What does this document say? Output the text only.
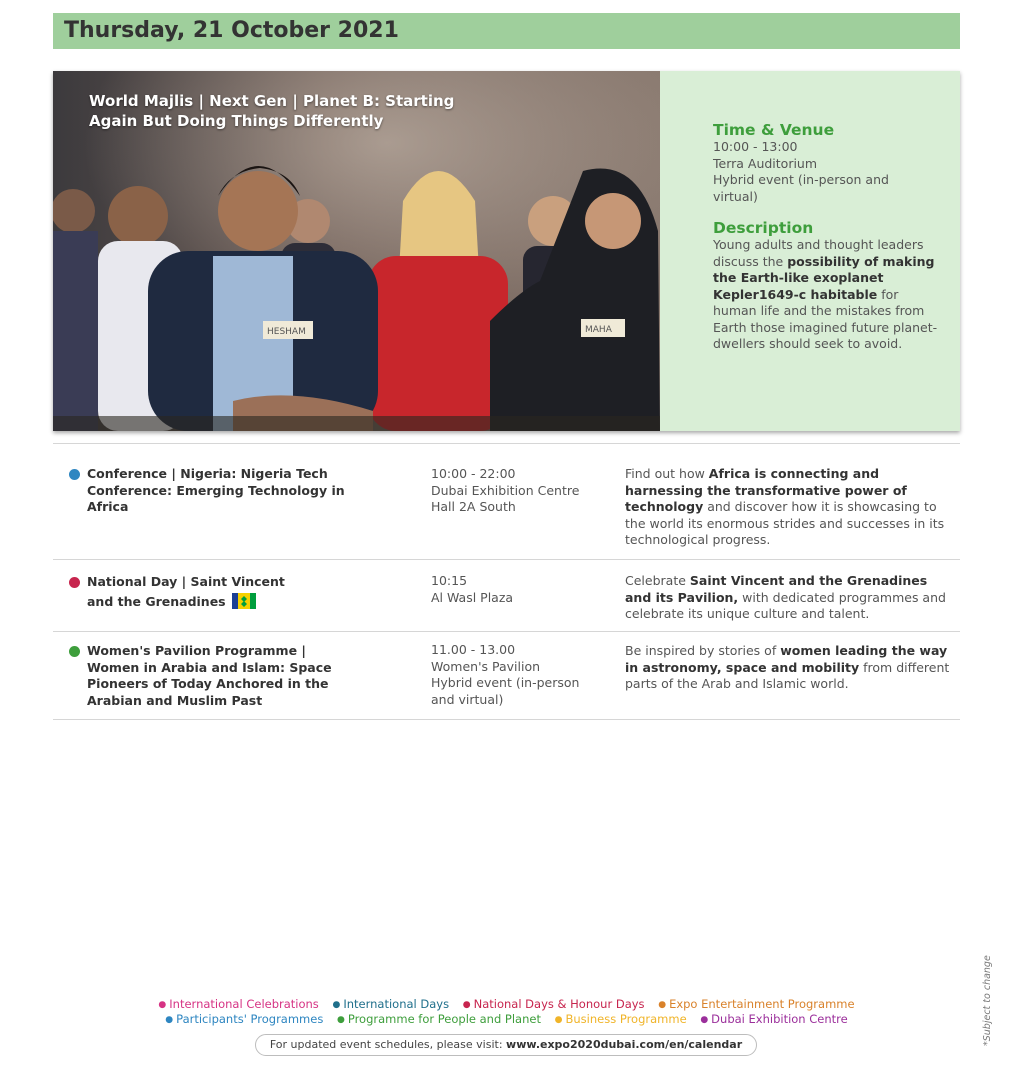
Thursday, 21 October 2021
MAHA
HESHAM
World Majlis | Next Gen | Planet B: Starting
Again But Doing Things Differently	Time & Venue
10:00 - 13:00
Terra Auditorium
Hybrid event (in-person and
virtual)
Description
Young adults and thought leaders discuss the possibility of making the Earth-like exoplanet Kepler1649-c habitable for human life and the mistakes from Earth those imagined future planet-dwellers should seek to avoid.
Conference | Nigeria: Nigeria Tech Conference: Emerging Technology in Africa
10:00 - 22:00
Dubai Exhibition Centre
Hall 2A South
Find out how Africa is connecting and harnessing the transformative power of technology and discover how it is showcasing to the world its enormous strides and successes in its technological progress.
National Day | Saint Vincent
and the Grenadines
10:15
Al Wasl Plaza
Celebrate Saint Vincent and the Grenadines and its Pavilion, with dedicated programmes and celebrate its unique culture and talent.
Women's Pavilion Programme |
Women in Arabia and Islam: Space Pioneers of Today Anchored in the Arabian and Muslim Past
11.00 - 13.00
Women's Pavilion
Hybrid event (in-person
and virtual)
Be inspired by stories of women leading the way in astronomy, space and mobility from different parts of the Arab and Islamic world.
● International Celebrations ● International Days ● National Days & Honour Days ● Expo Entertainment Programme
● Participants' Programmes ● Programme for People and Planet ● Business Programme ● Dubai Exhibition Centre
For updated event schedules, please visit: www.expo2020dubai.com/en/calendar	*Subject to change
